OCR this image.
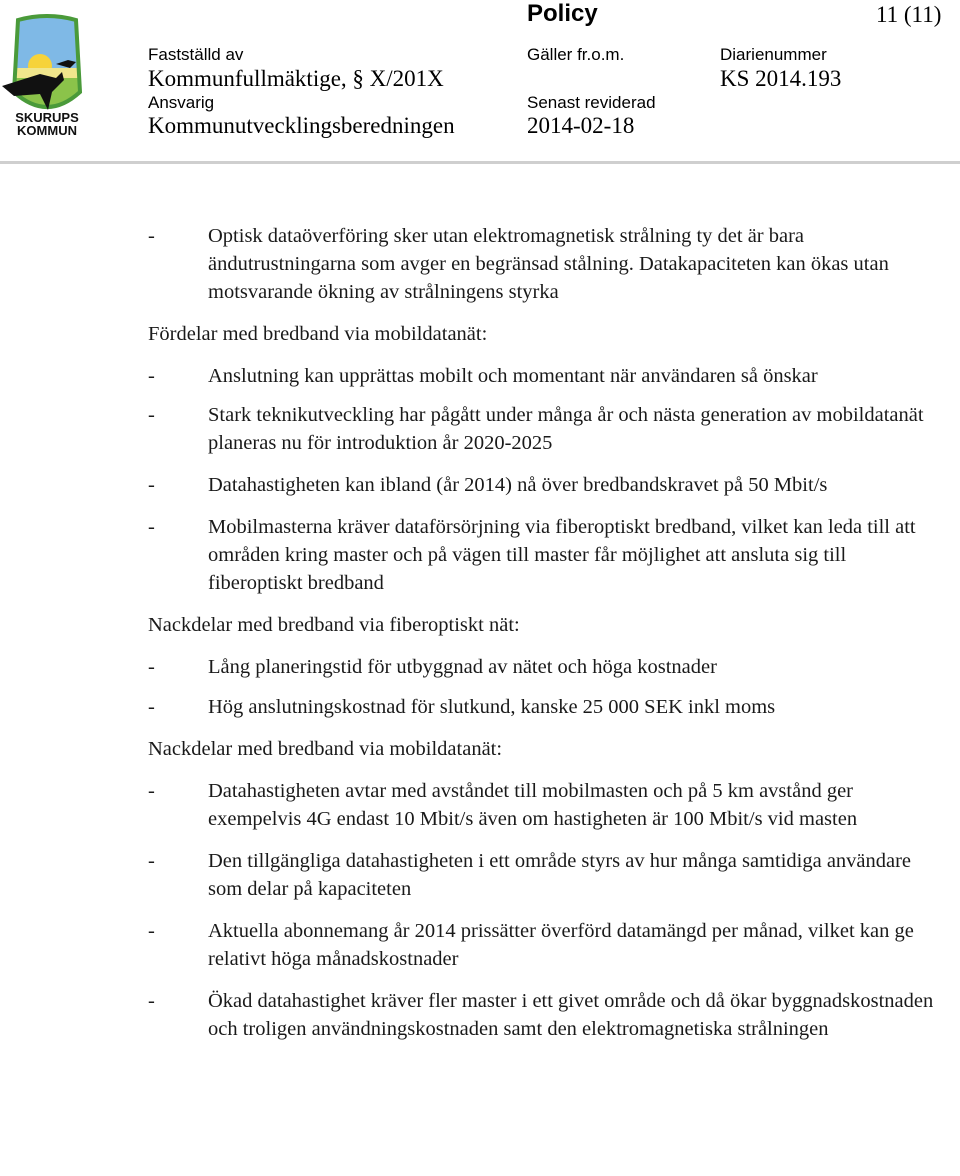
SKURUPS
KOMMUN
Policy	11 (11)
Fastställd av
Kommunfullmäktige, § X/201X
Gäller fr.o.m.	Diarienummer
KS 2014.193
Ansvarig
Kommunutvecklingsberedningen
Senast reviderad
2014-02-18
-	Optisk dataöverföring sker utan elektromagnetisk strålning ty det är bara ändutrustningarna som avger en begränsad stålning. Datakapaciteten kan ökas utan motsvarande ökning av strålningens styrka

Fördelar med bredband via mobildatanät:

-	Anslutning kan upprättas mobilt och momentant när användaren så önskar
-	Stark teknikutveckling har pågått under många år och nästa generation av mobildatanät planeras nu för introduktion år 2020-2025
-	Datahastigheten kan ibland (år 2014) nå över bredbandskravet på 50 Mbit/s
-	Mobilmasterna kräver dataförsörjning via fiberoptiskt bredband, vilket kan leda till att områden kring master och på vägen till master får möjlighet att ansluta sig till fiberoptiskt bredband

Nackdelar med bredband via fiberoptiskt nät:

-	Lång planeringstid för utbyggnad av nätet och höga kostnader
-	Hög anslutningskostnad för slutkund, kanske 25 000 SEK inkl moms

Nackdelar med bredband via mobildatanät:

-	Datahastigheten avtar med avståndet till mobilmasten och på 5 km avstånd ger exempelvis 4G endast 10 Mbit/s även om hastigheten är 100 Mbit/s vid masten
-	Den tillgängliga datahastigheten i ett område styrs av hur många samtidiga användare som delar på kapaciteten
-	Aktuella abonnemang år 2014 prissätter överförd datamängd per månad, vilket kan ge relativt höga månadskostnader
-	Ökad datahastighet kräver fler master i ett givet område och då ökar byggnadskostnaden och troligen användningskostnaden samt den elektromagnetiska strålningen
